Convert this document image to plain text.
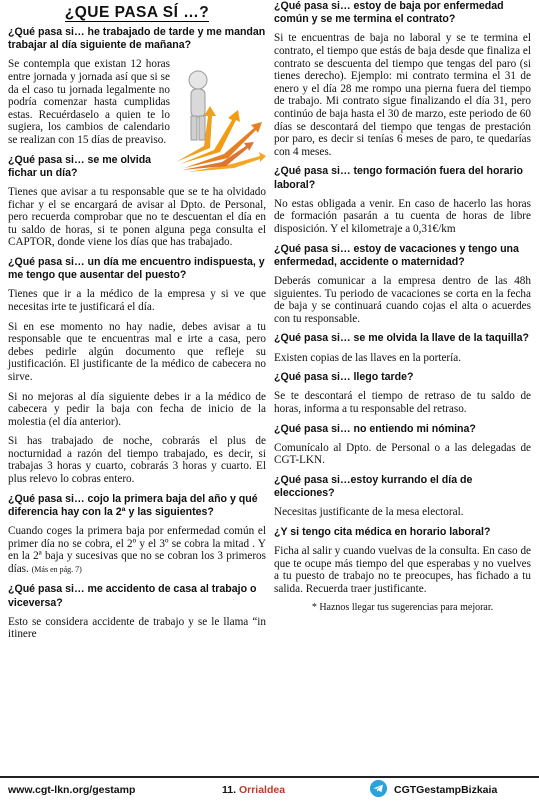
¿QUE PASA SÍ …?
¿Qué pasa si… he trabajado de tarde y me mandan trabajar al día siguiente de mañana?

Se contempla que existan 12 horas entre jornada y jornada así que si se da el caso tu jornada legalmente no podría comenzar hasta cumplidas estas. Recuérdaselo a quien te lo sugiera, los cambios de calendario se realizan con 15 días de preaviso.

¿Qué pasa si… se me olvida fichar un día?

Tienes que avisar a tu responsable que se te ha olvidado fichar y el se encargará de avisar al Dpto. de Personal, pero recuerda comprobar que no te descuentan el día en tu saldo de horas, si te ponen alguna pega consulta el CAPTOR, donde viene los días que has trabajado.

¿Qué pasa si… un día me encuentro indispuesta, y me tengo que ausentar del puesto?

Tienes que ir a la médico de la empresa y si ve que necesitas irte te justificará el día.

Si en ese momento no hay nadie, debes avisar a tu responsable que te encuentras mal e irte a casa, pero debes pedirle algún documento que refleje su justificación. El justificante de la médico de cabecera no sirve.

Si no mejoras al día siguiente debes ir a la médico de cabecera y pedir la baja con fecha de inicio de la molestia (el día anterior).

Si has trabajado de noche, cobrarás el plus de nocturnidad a razón del tiempo trabajado, es decir, si trabajas 3 horas y cuarto, cobrarás 3 horas y cuarto. El plus relevo lo cobras entero.

¿Qué pasa si… cojo la primera baja del año y qué diferencia hay con la 2ª y las siguientes?

Cuando coges la primera baja por enfermedad común el primer día no se cobra, el 2º y el 3º se cobra la mitad . Y en la 2ª baja y sucesivas que no se cobran los 3 primeros días. (Más en pág. 7)

¿Qué pasa si… me accidento de casa al trabajo o viceversa?

Esto se considera accidente de trabajo y se le llama “in itinere

¿Qué pasa si… estoy de baja por enfermedad común y se me termina el contrato?

Si te encuentras de baja no laboral y se te termina el contrato, el tiempo que estás de baja desde que finaliza el contrato se descuenta del tiempo que tengas del paro (si tienes derecho). Ejemplo: mi contrato termina el 31 de enero y el día 28 me rompo una pierna fuera del tiempo de trabajo. Mi contrato sigue finalizando el día 31, pero continúo de baja hasta el 30 de marzo, este periodo de 60 días se descontará del tiempo que tengas de prestación por paro, es decir si tenías 6 meses de paro, te quedarías con 4 meses.

¿Qué pasa si… tengo formación fuera del horario laboral?

No estas obligada a venir. En caso de hacerlo las horas de formación pasarán a tu cuenta de horas de libre disposición. Y el kilometraje a 0,31€/km

¿Qué pasa si… estoy de vacaciones y tengo una enfermedad, accidente o maternidad?

Deberás comunicar a la empresa dentro de las 48h siguientes. Tu periodo de vacaciones se corta en la fecha de baja y se continuará cuando cojas el alta o acuerdes con tu responsable.

¿Qué pasa si… se me olvida la llave de la taquilla?

Existen copias de las llaves en la portería.

¿Qué pasa si… llego tarde?

Se te descontará el tiempo de retraso de tu saldo de horas, informa a tu responsable del retraso.

¿Qué pasa si… no entiendo mi nómina?

Comunícalo al Dpto. de Personal o a las delegadas de CGT-LKN.

¿Qué pasa si…estoy kurrando el día de elecciones?

Necesitas justificante de la mesa electoral.

¿Y si tengo cita médica en horario laboral?

Ficha al salir y cuando vuelvas de la consulta. En caso de que te ocupe más tiempo del que esperabas y no vuelves a tu puesto de trabajo no te preocupes, has fichado a tu salida. Recuerda traer justificante.

* Haznos llegar tus sugerencias para mejorar.
www.cgt-lkn.org/gestamp	11. Orrialdea	CGTGestampBizkaia
